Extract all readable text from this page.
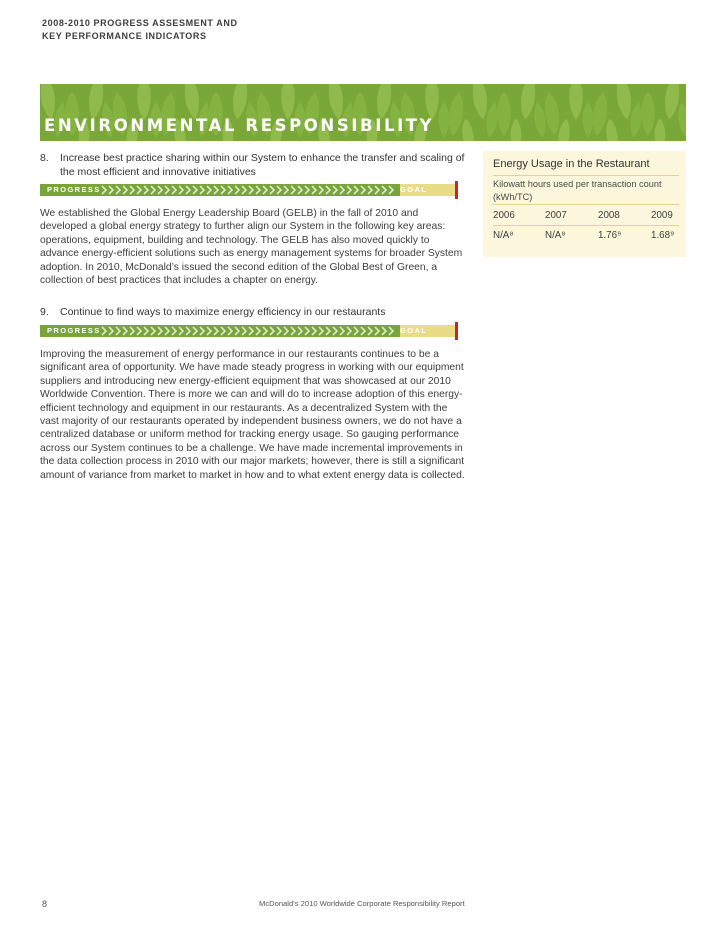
2008-2010 PROGRESS ASSESMENT AND
KEY PERFORMANCE INDICATORS
ENVIRONMENTAL RESPONSIBILITY
8.	Increase best practice sharing within our System to enhance the transfer and scaling of the most efficient and innovative initiatives
PROGRESS	GOAL MET
We established the Global Energy Leadership Board (GELB) in the fall of 2010 and developed a global energy strategy to further align our System in the following key areas: operations, equipment, building and technology. The GELB has also moved quickly to advance energy-efficient solutions such as energy management systems for broader System adoption. In 2010, McDonald’s issued the second edition of the Global Best of Green, a collection of best practices that includes a chapter on energy.
9.	Continue to find ways to maximize energy efficiency in our restaurants
PROGRESS	GOAL MET
Improving the measurement of energy performance in our restaurants continues to be a significant area of opportunity. We have made steady progress in working with our equipment suppliers and introducing new energy-efficient equipment that was showcased at our 2010 Worldwide Convention. There is more we can and will do to increase adoption of this energy-efficient technology and equipment in our restaurants. As a decentralized System with the vast majority of our restaurants operated by independent business owners, we do not have a centralized database or uniform method for tracking energy usage. So gauging performance across our System continues to be a challenge. We have made incremental improvements in the data collection process in 2010 with our major markets; however, there is still a significant amount of variance from market to market in how and to what extent energy data is collected.
Energy Usage in the Restaurant
Kilowatt hours used per transaction count (kWh/TC)
2006	2007	2008	2009
N/A⁸	N/A⁸	1.76⁹	1.68⁹
8	McDonald’s 2010 Worldwide Corporate Responsibility Report
